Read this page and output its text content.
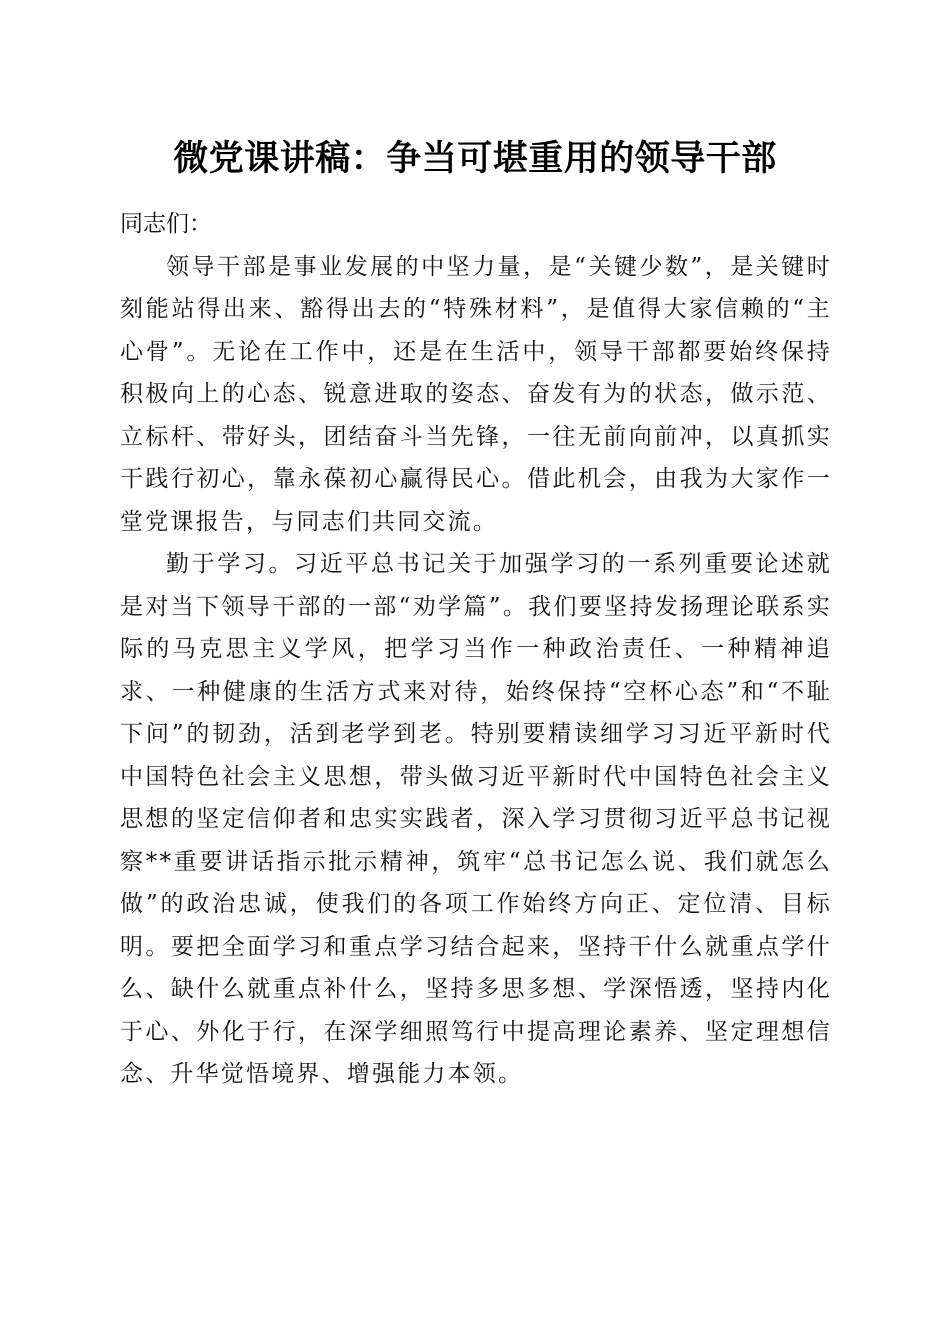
微党课讲稿：争当可堪重用的领导干部

同志们：

领导干部是事业发展的中坚力量，是“关键少数”，是关键时刻能站得出来、豁得出去的“特殊材料”，是值得大家信赖的“主心骨”。无论在工作中，还是在生活中，领导干部都要始终保持积极向上的心态、锐意进取的姿态、奋发有为的状态，做示范、立标杆、带好头，团结奋斗当先锋，一往无前向前冲，以真抓实干践行初心，靠永葆初心赢得民心。借此机会，由我为大家作一堂党课报告，与同志们共同交流。

勤于学习。习近平总书记关于加强学习的一系列重要论述就是对当下领导干部的一部“劝学篇”。我们要坚持发扬理论联系实际的马克思主义学风，把学习当作一种政治责任、一种精神追求、一种健康的生活方式来对待，始终保持“空杯心态”和“不耻下问”的韧劲，活到老学到老。特别要精读细学习习近平新时代中国特色社会主义思想，带头做习近平新时代中国特色社会主义思想的坚定信仰者和忠实实践者，深入学习贯彻习近平总书记视察**重要讲话指示批示精神，筑牢“总书记怎么说、我们就怎么做”的政治忠诚，使我们的各项工作始终方向正、定位清、目标明。要把全面学习和重点学习结合起来，坚持干什么就重点学什么、缺什么就重点补什么，坚持多思多想、学深悟透，坚持内化于心、外化于行，在深学细照笃行中提高理论素养、坚定理想信念、升华觉悟境界、增强能力本领。
